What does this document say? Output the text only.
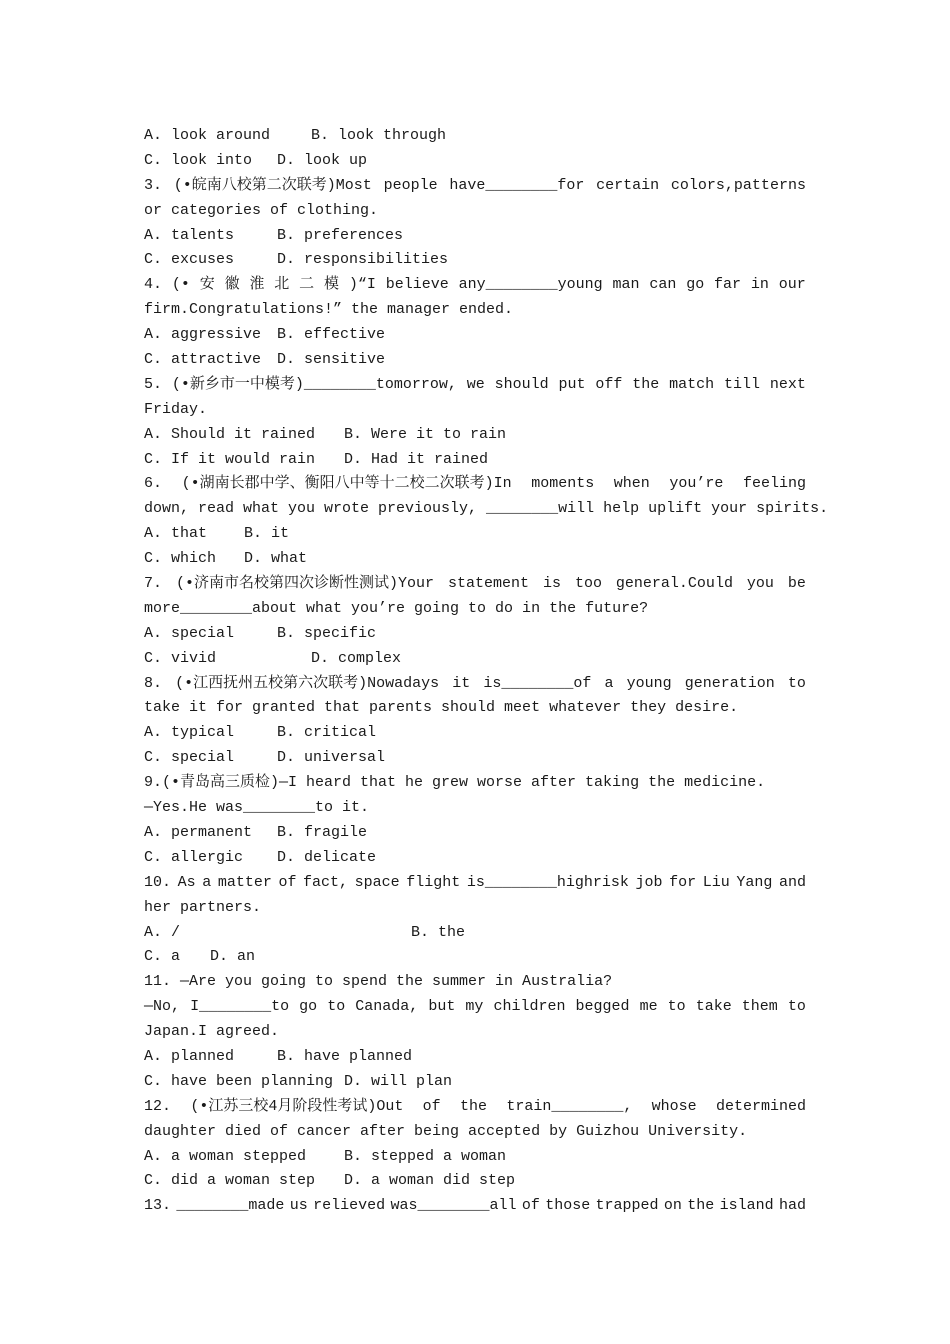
A. look around	B. look through
C. look into D. look up
3. (•皖南八校第二次联考)Most people have________for certain colors,patterns
or categories of clothing.
A. talents	B. preferences
C. excuses	D. responsibilities
4. (• 安 徽 淮 北 二 模 )“I believe any________young man can go far in our
firm.Congratulations!” the manager ended.
A. aggressive B. effective
C. attractive D. sensitive
5. (•新乡市一中模考)________tomorrow, we should put off the match till next
Friday.
A. Should it rained B. Were it to rain
C. If it would rain D. Had it rained
6. (•湖南长郡中学、衡阳八中等十二校二次联考)In moments when you’re feeling
down, read what you wrote previously, ________will help uplift your spirits.
A. that B. it
C. which D. what
7. (•济南市名校第四次诊断性测试)Your statement is too general.Could you be
more________about what you’re going to do in the future?
A. special	B. specific
C. vivid	D. complex
8. (•江西抚州五校第六次联考)Nowadays it is________of a young generation to
take it for granted that parents should meet whatever they desire.
A. typical	B. critical
C. special	D. universal
9.(•青岛高三质检)—I heard that he grew worse after taking the medicine.
—Yes.He was________to it.
A. permanent B. fragile
C. allergic D. delicate
10. As a matter of fact, space flight is________highrisk job for Liu Yang and
her partners.
A. /	B. the
C. a D. an
11. —Are you going to spend the summer in Australia?
—No, I________to go to Canada, but my children begged me to take them to
Japan.I agreed.
A. planned	B. have planned
C. have been planning D. will plan
12. (•江苏三校4月阶段性考试)Out of the train________, whose determined
daughter died of cancer after being accepted by Guizhou University.
A. a woman stepped	B. stepped a woman
C. did a woman step D. a woman did step
13. ________made us relieved was________all of those trapped on the island had
